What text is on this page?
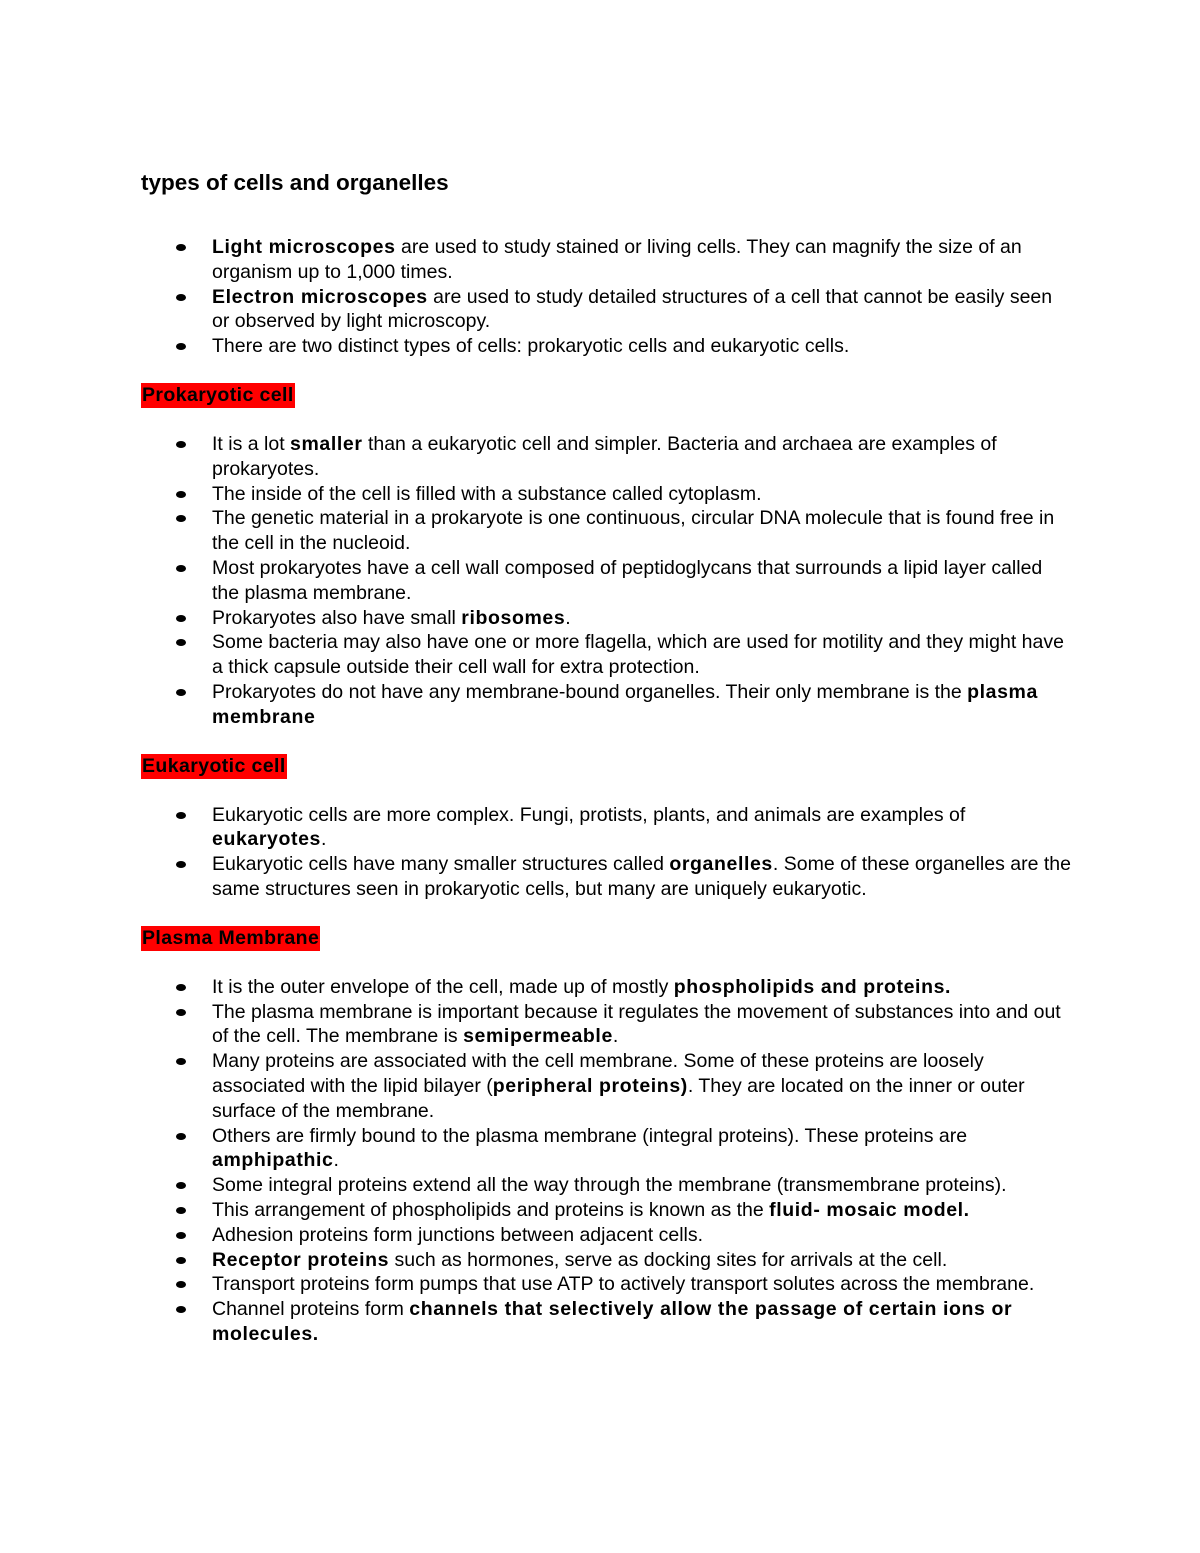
types of cells and organelles
Light microscopes are used to study stained or living cells. They can magnify the size of an organism up to 1,000 times.
Electron microscopes are used to study detailed structures of a cell that cannot be easily seen or observed by light microscopy.
There are two distinct types of cells: prokaryotic cells and eukaryotic cells.
Prokaryotic cell
It is a lot smaller than a eukaryotic cell and simpler. Bacteria and archaea are examples of prokaryotes.
The inside of the cell is filled with a substance called cytoplasm.
The genetic material in a prokaryote is one continuous, circular DNA molecule that is found free in the cell in the nucleoid.
Most prokaryotes have a cell wall composed of peptidoglycans that surrounds a lipid layer called the plasma membrane.
Prokaryotes also have small ribosomes.
Some bacteria may also have one or more flagella, which are used for motility and they might have a thick capsule outside their cell wall for extra protection.
Prokaryotes do not have any membrane-bound organelles. Their only membrane is the plasma membrane
Eukaryotic cell
Eukaryotic cells are more complex. Fungi, protists, plants, and animals are examples of eukaryotes.
Eukaryotic cells have many smaller structures called organelles. Some of these organelles are the same structures seen in prokaryotic cells, but many are uniquely eukaryotic.
Plasma Membrane
It is the outer envelope of the cell, made up of mostly phospholipids and proteins.
The plasma membrane is important because it regulates the movement of substances into and out of the cell. The membrane is semipermeable.
Many proteins are associated with the cell membrane. Some of these proteins are loosely associated with the lipid bilayer (peripheral proteins). They are located on the inner or outer surface of the membrane.
Others are firmly bound to the plasma membrane (integral proteins). These proteins are amphipathic.
Some integral proteins extend all the way through the membrane (transmembrane proteins).
This arrangement of phospholipids and proteins is known as the fluid- mosaic model.
Adhesion proteins form junctions between adjacent cells.
Receptor proteins such as hormones, serve as docking sites for arrivals at the cell.
Transport proteins form pumps that use ATP to actively transport solutes across the membrane.
Channel proteins form channels that selectively allow the passage of certain ions or molecules.
